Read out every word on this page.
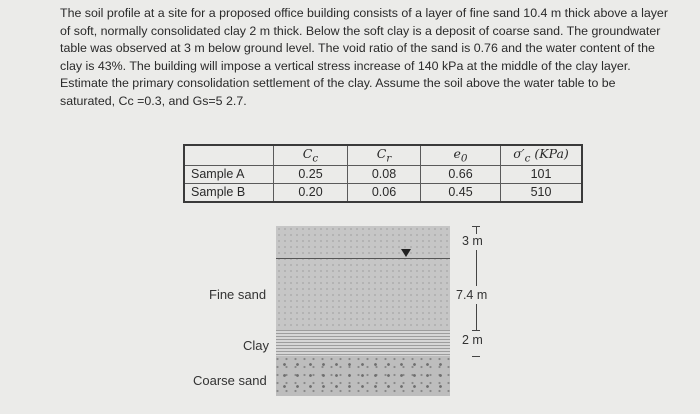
The soil profile at a site for a proposed office building consists of a layer of fine sand 10.4 m thick above a layer of soft, normally consolidated clay 2 m thick. Below the soft clay is a deposit of coarse sand. The groundwater table was observed at 3 m below ground level. The void ratio of the sand is 0.76 and the water content of the clay is 43%. The building will impose a vertical stress increase of 140 kPa at the middle of the clay layer. Estimate the primary consolidation settlement of the clay. Assume the soil above the water table to be saturated, Cc =0.3, and Gs=5 2.7.

	$C_c$	$C_r$	$e_0$	$\sigma'_c$ (KPa)
Sample A	0.25	0.08	0.66	101
Sample B	0.20	0.06	0.45	510
Fine sand
Clay
Coarse sand
3 m
7.4 m
2 m
